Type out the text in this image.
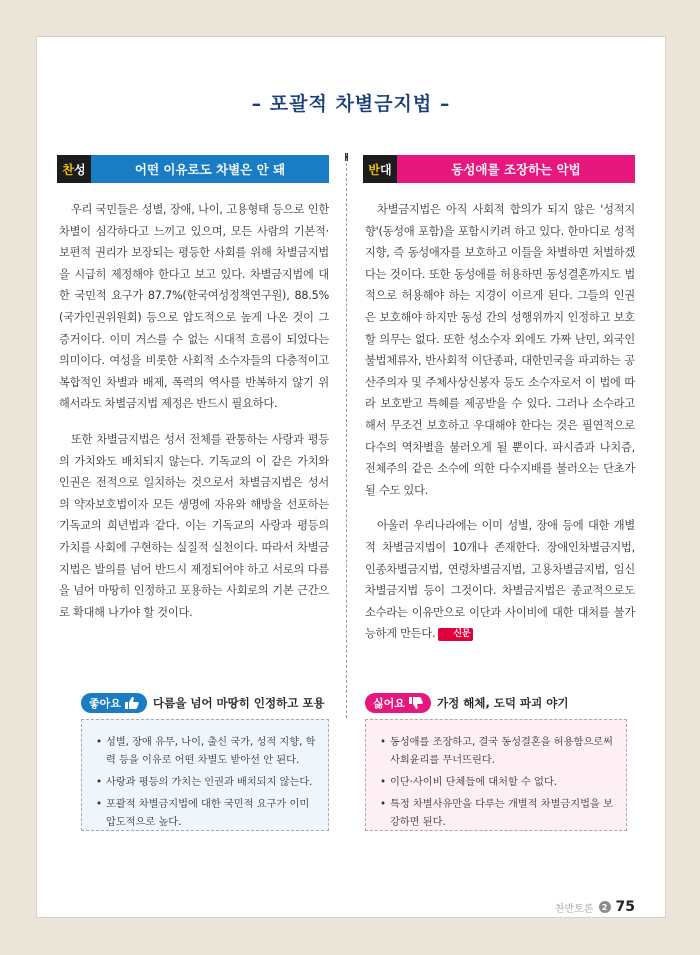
– 포괄적 차별금지법 –
찬 성	어떤 이유로도 차별은 안 돼

우리 국민들은 성별, 장애, 나이, 고용형태 등으로 인한 차별이 심각하다고 느끼고 있으며, 모든 사람의 기본적·보편적 권리가 보장되는 평등한 사회를 위해 차별금지법을 시급히 제정해야 한다고 보고 있다. 차별금지법에 대한 국민적 요구가 87.7%(한국여성정책연구원), 88.5%(국가인권위원회) 등으로 압도적으로 높게 나온 것이 그 증거이다. 이미 거스를 수 없는 시대적 흐름이 되었다는 의미이다. 여성을 비롯한 사회적 소수자들의 다층적이고 복합적인 차별과 배제, 폭력의 역사를 반복하지 않기 위해서라도 차별금지법 제정은 반드시 필요하다.

또한 차별금지법은 성서 전체를 관통하는 사랑과 평등의 가치와도 배치되지 않는다. 기독교의 이 같은 가치와 인권은 전적으로 일치하는 것으로서 차별금지법은 성서의 약자보호법이자 모든 생명에 자유와 해방을 선포하는 기독교의 희년법과 같다. 이는 기독교의 사랑과 평등의 가치를 사회에 구현하는 실질적 실천이다. 따라서 차별금지법은 발의를 넘어 반드시 제정되어야 하고 서로의 다름을 넘어 마땅히 인정하고 포용하는 사회로의 기본 근간으로 확대해 나가야 할 것이다.

반 대	동성애를 조장하는 악법

차별금지법은 아직 사회적 합의가 되지 않은 '성적지향'(동성애 포함)을 포함시키려 하고 있다. 한마디로 성적 지향, 즉 동성애자를 보호하고 이들을 차별하면 처벌하겠다는 것이다. 또한 동성애를 허용하면 동성결혼까지도 법적으로 허용해야 하는 지경이 이르게 된다. 그들의 인권은 보호해야 하지만 동성 간의 성행위까지 인정하고 보호할 의무는 없다. 또한 성소수자 외에도 가짜 난민, 외국인 불법체류자, 반사회적 이단종파, 대한민국을 파괴하는 공산주의자 및 주체사상신봉자 등도 소수자로서 이 법에 따라 보호받고 특혜를 제공받을 수 있다. 그러나 소수라고 해서 무조건 보호하고 우대해야 한다는 것은 필연적으로 다수의 역차별을 불러오게 될 뿐이다. 파시즘과 나치즘, 전체주의 같은 소수에 의한 다수지배를 불러오는 단초가 될 수도 있다.

아울러 우리나라에는 이미 성별, 장애 등에 대한 개별적 차별금지법이 10개나 존재한다. 장애인차별금지법, 인종차별금지법, 연령차별금지법, 고용차별금지법, 임신차별금지법 등이 그것이다. 차별금지법은 종교적으로도 소수라는 이유만으로 이단과 사이비에 대한 대처를 불가능하게 만든다. 신문

좋아요	다름을 넘어 마땅히 인정하고 포용
• 성별, 장애 유무, 나이, 출신 국가, 성적 지향, 학력 등을 이유로 어떤 차별도 받아선 안 된다.
• 사랑과 평등의 가치는 인권과 배치되지 않는다.
• 포괄적 차별금지법에 대한 국민적 요구가 이미 압도적으로 높다.
싫어요	가정 해체, 도덕 파괴 야기
• 동성애를 조장하고, 결국 동성결혼을 허용함으로써 사회윤리를 무너뜨린다.
• 이단·사이비 단체들에 대처할 수 없다.
• 특정 차별사유만을 다루는 개별적 차별금지법을 보강하면 된다.
찬반토론	2 75
